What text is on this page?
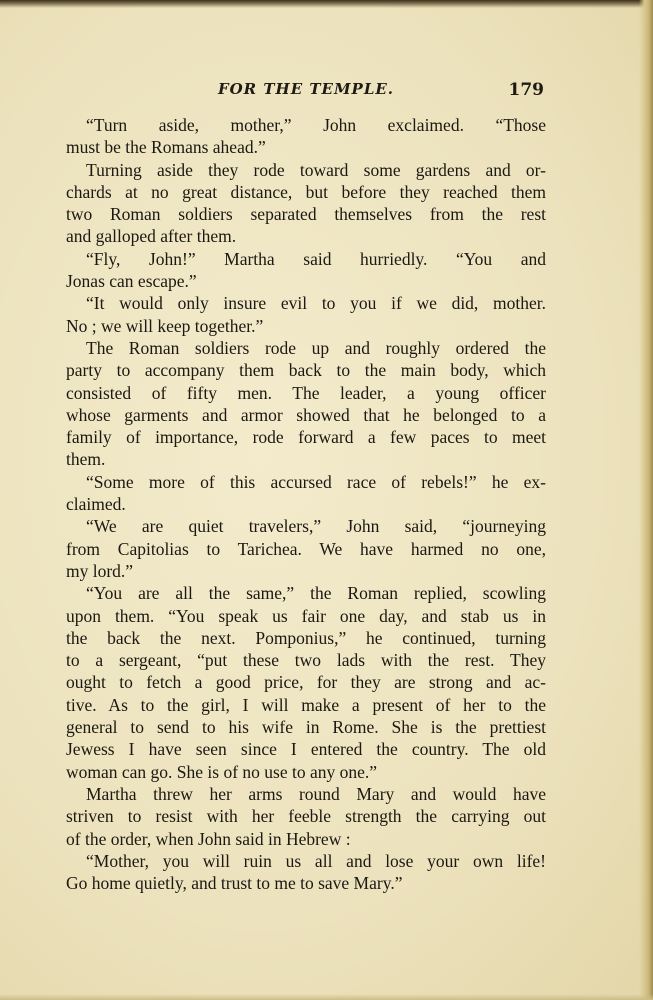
FOR THE TEMPLE.	179
“Turn aside, mother,” John exclaimed. “Those
must be the Romans ahead.”
Turning aside they rode toward some gardens and or-
chards at no great distance, but before they reached them
two Roman soldiers separated themselves from the rest
and galloped after them.
“Fly, John!” Martha said hurriedly. “You and
Jonas can escape.”
“It would only insure evil to you if we did, mother.
No ; we will keep together.”
The Roman soldiers rode up and roughly ordered the
party to accompany them back to the main body, which
consisted of fifty men. The leader, a young officer
whose garments and armor showed that he belonged to a
family of importance, rode forward a few paces to meet
them.
“Some more of this accursed race of rebels!” he ex-
claimed.
“We are quiet travelers,” John said, “journeying
from Capitolias to Tarichea. We have harmed no one,
my lord.”
“You are all the same,” the Roman replied, scowling
upon them. “You speak us fair one day, and stab us in
the back the next. Pomponius,” he continued, turning
to a sergeant, “put these two lads with the rest. They
ought to fetch a good price, for they are strong and ac-
tive. As to the girl, I will make a present of her to the
general to send to his wife in Rome. She is the prettiest
Jewess I have seen since I entered the country. The old
woman can go. She is of no use to any one.”
Martha threw her arms round Mary and would have
striven to resist with her feeble strength the carrying out
of the order, when John said in Hebrew :
“Mother, you will ruin us all and lose your own life!
Go home quietly, and trust to me to save Mary.”
